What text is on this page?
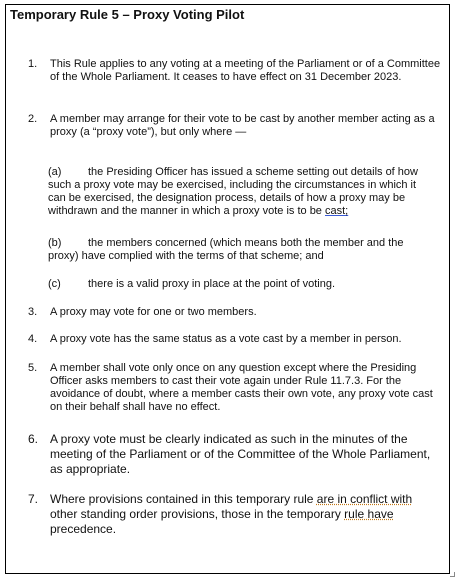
Temporary Rule 5 – Proxy Voting Pilot
1.	This Rule applies to any voting at a meeting of the Parliament or of a Committee of the Whole Parliament. It ceases to have effect on 31 December 2023.
2.	A member may arrange for their vote to be cast by another member acting as a proxy (a “proxy vote”), but only where —
(a) the Presiding Officer has issued a scheme setting out details of how such a proxy vote may be exercised, including the circumstances in which it can be exercised, the designation process, details of how a proxy may be withdrawn and the manner in which a proxy vote is to be cast;
(b) the members concerned (which means both the member and the proxy) have complied with the terms of that scheme; and
(c) there is a valid proxy in place at the point of voting.
3.	A proxy may vote for one or two members.
4.	A proxy vote has the same status as a vote cast by a member in person.
5.	A member shall vote only once on any question except where the Presiding Officer asks members to cast their vote again under Rule 11.7.3. For the avoidance of doubt, where a member casts their own vote, any proxy vote cast on their behalf shall have no effect.
6. A proxy vote must be clearly indicated as such in the minutes of the meeting of the Parliament or of the Committee of the Whole Parliament, as appropriate.
7. Where provisions contained in this temporary rule are in conflict with other standing order provisions, those in the temporary rule have precedence.
